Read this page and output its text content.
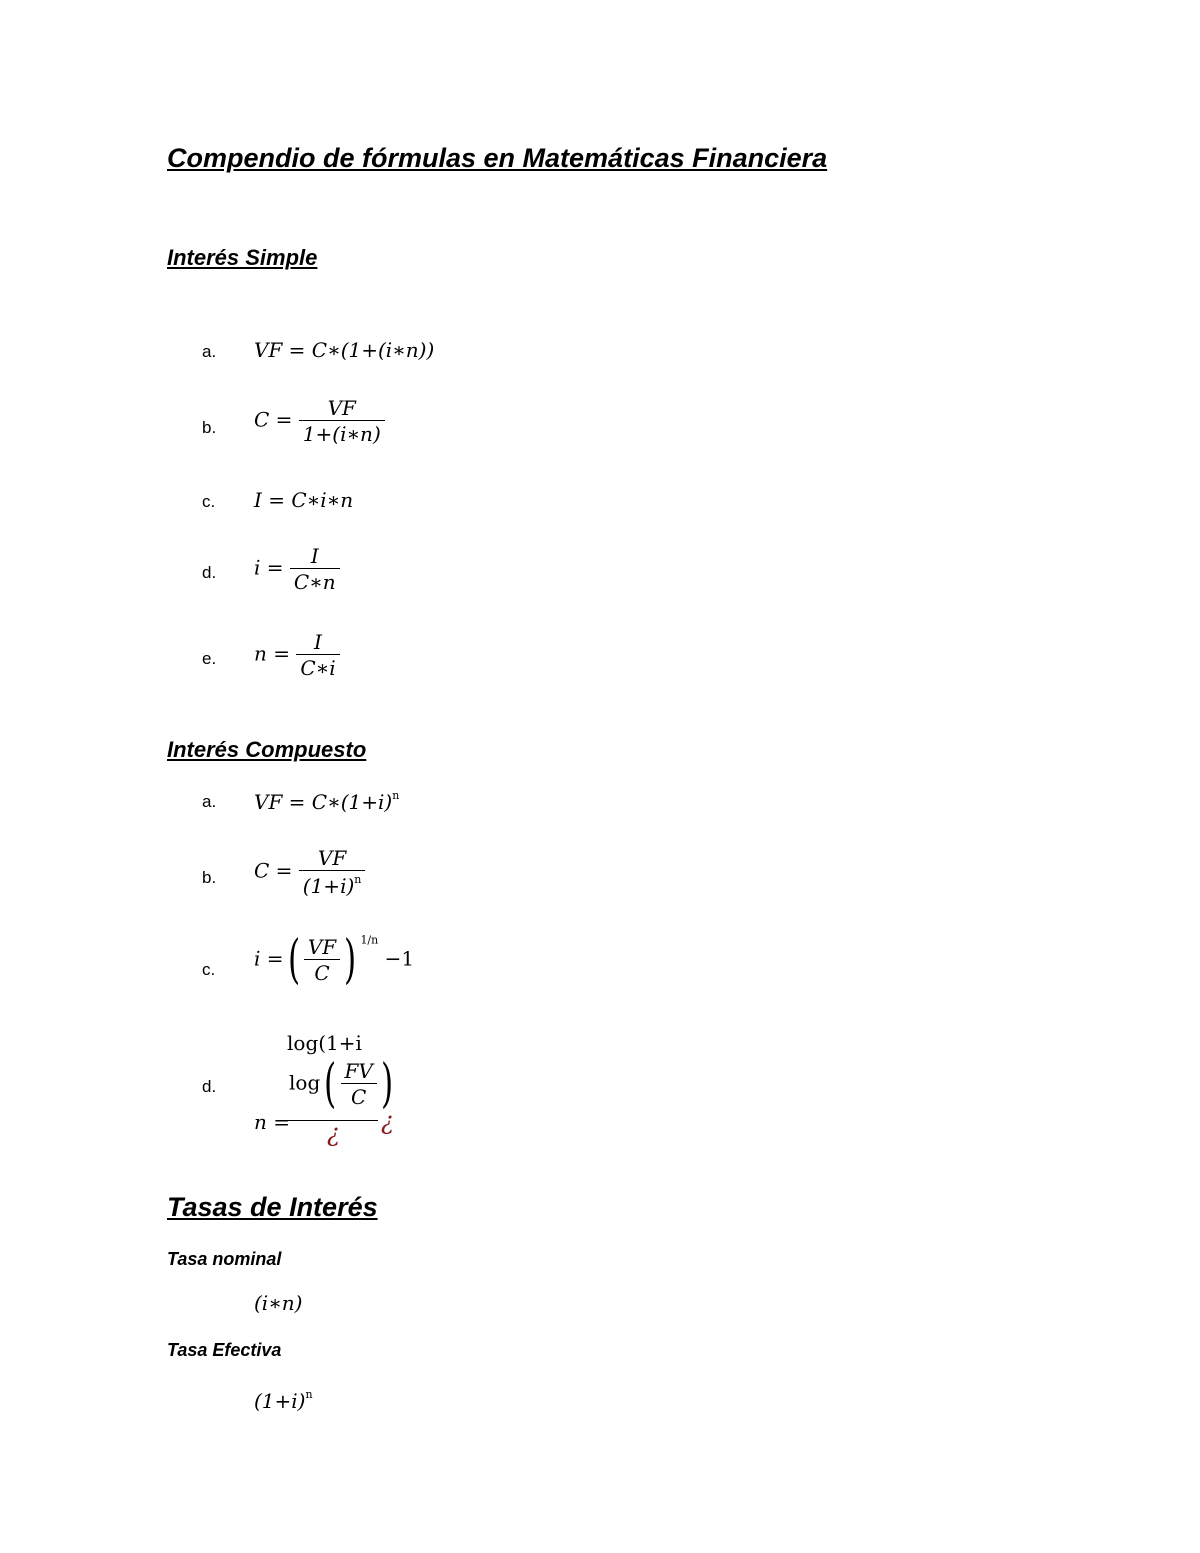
Compendio de fórmulas en Matemáticas Financiera
Interés Simple
a. VF = C∗(1+(i∗n))
b. $C = \frac{VF}{1+(i∗n)}$
c. I = C∗i∗n
d. $i = \frac{I}{C∗n}$
e. $n = \frac{I}{C∗i}$
Interés Compuesto
a. VF = $C∗(1+i)^n$
b. $C = \frac{VF}{(1+i)^n}$
c. i =( $\frac{VF}{C}$ ) $^{1/n}$ −1
d.
log(1+i
n =
$\log( \frac{FV}{C}$ )
¿ ¿
Tasas de Interés
Tasa nominal
(i∗n)
Tasa Efectiva
$(1+i)^n$
